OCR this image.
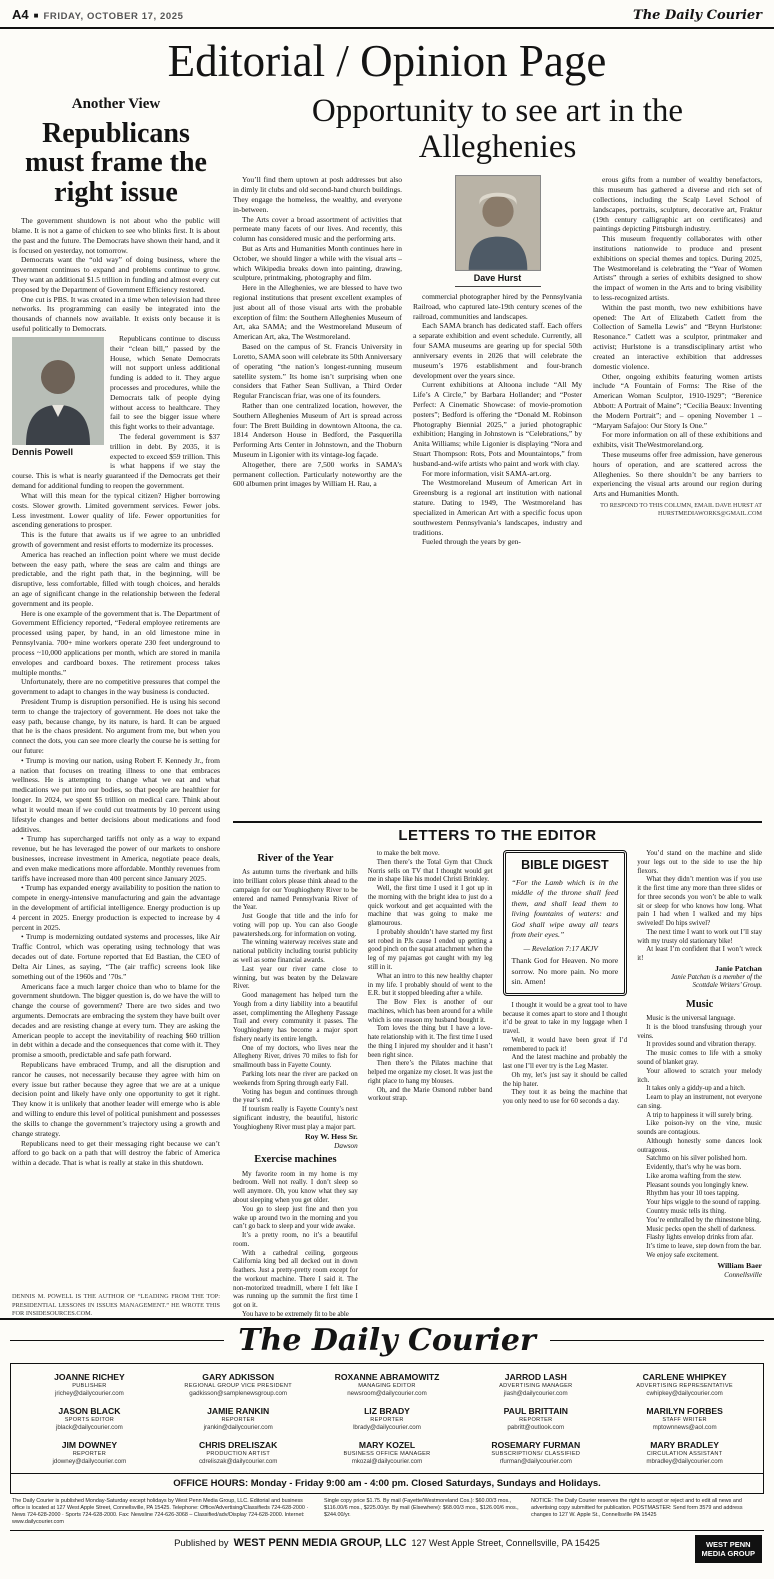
A4 ■ FRIDAY, OCTOBER 17, 2025	The Daily Courier
Editorial / Opinion Page
Another View
Republicans must frame the right issue

The government shutdown is not about who the public will blame. It is not a game of chicken to see who blinks first. It is about the past and the future. The Democrats have shown their hand, and it is focused on yesterday, not tomorrow.

Democrats want the “old way” of doing business, where the government continues to expand and problems continue to grow. They want an additional $1.5 trillion in funding and almost every cut proposed by the Department of Government Efficiency restored.

One cut is PBS. It was created in a time when television had three networks. Its programming can easily be integrated into the thousands of channels now available. It exists only because it is useful politically to Democrats.

Dennis Powell

Republicans continue to discuss their “clean bill,” passed by the House, which Senate Democrats will not support unless additional funding is added to it. They argue processes and procedures, while the Democrats talk of people dying without access to healthcare. They fail to see the bigger issue where this fight works to their advantage.

The federal government is $37 trillion in debt. By 2035, it is expected to exceed $59 trillion. This is what happens if we stay the course. This is what is nearly guaranteed if the Democrats get their demand for additional funding to reopen the government.

What will this mean for the typical citizen? Higher borrowing costs. Slower growth. Limited government services. Fewer jobs. Less investment. Lower quality of life. Fewer opportunities for ascending generations to prosper.

This is the future that awaits us if we agree to an unbridled growth of government and resist efforts to modernize its processes.

America has reached an inflection point where we must decide between the easy path, where the seas are calm and things are predictable, and the right path that, in the beginning, will be disruptive, less comfortable, filled with tough choices, and heralds an age of significant change in the relationship between the federal government and its people.

Here is one example of the government that is. The Department of Government Efficiency reported, “Federal employee retirements are processed using paper, by hand, in an old limestone mine in Pennsylvania. 700+ mine workers operate 230 feet underground to process ~10,000 applications per month, which are stored in manila envelopes and cardboard boxes. The retirement process takes multiple months.”

Unfortunately, there are no competitive pressures that compel the government to adapt to changes in the way business is conducted.

President Trump is disruption personified. He is using his second term to change the trajectory of government. He does not take the easy path, because change, by its nature, is hard. It can be argued that he is the chaos president. No argument from me, but when you connect the dots, you can see more clearly the course he is setting for our future:

• Trump is moving our nation, using Robert F. Kennedy Jr., from a nation that focuses on treating illness to one that embraces wellness. He is attempting to change what we eat and what medications we put into our bodies, so that people are healthier for longer. In 2024, we spent $5 trillion on medical care. Think about what it would mean if we could cut treatments by 10 percent using lifestyle changes and better decisions about medications and food additives.

• Trump has supercharged tariffs not only as a way to expand revenue, but he has leveraged the power of our markets to onshore businesses, increase investment in America, negotiate peace deals, and even make medications more affordable. Monthly revenues from tariffs have increased more than 400 percent since January 2025.

• Trump has expanded energy availability to position the nation to compete in energy-intensive manufacturing and gain the advantage in the development of artificial intelligence. Energy production is up 4 percent in 2025. Energy production is expected to increase by 4 percent in 2025.

• Trump is modernizing outdated systems and processes, like Air Traffic Control, which was operating using technology that was decades out of date. Fortune reported that Ed Bastian, the CEO of Delta Air Lines, as saying, “The (air traffic) screens look like something out of the 1960s and ’70s.”

Americans face a much larger choice than who to blame for the government shutdown. The bigger question is, do we have the will to change the course of government? There are two sides and two arguments. Democrats are embracing the system they have built over decades and are resisting change at every turn. They are asking the American people to accept the inevitability of reaching $60 trillion in debt within a decade and the consequences that come with it. They promise a smooth, predictable and safe path forward.

Republicans have embraced Trump, and all the disruption and rancor he causes, not necessarily because they agree with him on every issue but rather because they agree that we are at a unique decision point and likely have only one opportunity to get it right. They know it is unlikely that another leader will emerge who is able and willing to endure this level of political punishment and possesses the skills to change the government’s trajectory using a growth and change strategy.

Republicans need to get their messaging right because we can’t afford to go back on a path that will destroy the fabric of America within a decade. That is what is really at stake in this shutdown.

DENNIS M. POWELL IS THE AUTHOR OF “LEADING FROM THE TOP: PRESIDENTIAL LESSONS IN ISSUES MANAGEMENT.” HE WROTE THIS FOR INSIDESOURCES.COM.
Opportunity to see art in the Alleghenies

You’ll find them uptown at posh addresses but also in dimly lit clubs and old second-hand church buildings. They engage the homeless, the wealthy, and everyone in-between.

The Arts cover a broad assortment of activities that permeate many facets of our lives. And recently, this column has considered music and the performing arts.

But as Arts and Humanities Month continues here in October, we should linger a while with the visual arts – which Wikipedia breaks down into painting, drawing, sculpture, printmaking, photography and film.

Here in the Alleghenies, we are blessed to have two regional institutions that present excellent examples of just about all of those visual arts with the probable exception of film: the Southern Alleghenies Museum of Art, aka SAMA; and the Westmoreland Museum of American Art, aka, The Westmoreland.

Based on the campus of St. Francis University in Loretto, SAMA soon will celebrate its 50th Anniversary of operating “the nation’s longest-running museum satellite system.” Its home isn’t surprising when one considers that Father Sean Sullivan, a Third Order Regular Franciscan friar, was one of its founders.

Rather than one centralized location, however, the Southern Alleghenies Museum of Art is spread across four: The Brett Building in downtown Altoona, the ca. 1814 Anderson House in Bedford, the Pasquerilla Performing Arts Center in Johnstown, and the Thoburn Museum in Ligonier with its vintage-log façade.

Altogether, there are 7,500 works in SAMA’s permanent collection. Particularly noteworthy are the 600 albumen print images by William H. Rau, a

Dave Hurst

commercial photographer hired by the Pennsylvania Railroad, who captured late-19th century scenes of the railroad, communities and landscapes.

Each SAMA branch has dedicated staff. Each offers a separate exhibition and event schedule. Currently, all four SAMA museums are gearing up for special 50th anniversary events in 2026 that will celebrate the museum’s 1976 establishment and four-branch development over the years since.

Current exhibitions at Altoona include “All My Life’s A Circle,” by Barbara Hollander; and “Poster Perfect: A Cinematic Showcase: of movie-promotion posters”; Bedford is offering the “Donald M. Robinson Photography Biennial 2025,” a juried photographic exhibition; Hanging in Johnstown is “Celebrations,” by Anita Williams; while Ligonier is displaying “Nora and Stuart Thompson: Rots, Pots and Mountaintops,” from husband-and-wife artists who paint and work with clay.

For more information, visit SAMA-art.org.

The Westmoreland Museum of American Art in Greensburg is a regional art institution with national stature. Dating to 1949, The Westmoreland has specialized in American Art with a specific focus upon southwestern Pennsylvania’s landscapes, industry and traditions.

Fueled through the years by gen-

erous gifts from a number of wealthy benefactors, this museum has gathered a diverse and rich set of collections, including the Scalp Level School of landscapes, portraits, sculpture, decorative art, Fraktur (19th century calligraphic art on certificates) and paintings depicting Pittsburgh industry.

This museum frequently collaborates with other institutions nationwide to produce and present exhibitions on special themes and topics. During 2025, The Westmoreland is celebrating the “Year of Women Artists” through a series of exhibits designed to show the impact of women in the Arts and to bring visibility to less-recognized artists.

Within the past month, two new exhibitions have opened: The Art of Elizabeth Catlett from the Collection of Samella Lewis” and “Brynn Hurlstone: Resonance.” Catlett was a sculptor, printmaker and activist; Hurlstone is a transdisciplinary artist who created an interactive exhibition that addresses domestic violence.

Other, ongoing exhibits featuring women artists include “A Fountain of Forms: The Rise of the American Woman Sculptor, 1910-1929”; “Berenice Abbott: A Portrait of Maine”; “Cecilia Beaux: Inventing the Modern Portrait”; and – opening November 1 – “Maryam Safajoo: Our Story Is One.”

For more information on all of these exhibitions and exhibits, visit TheWestmoreland.org.

These museums offer free admission, have generous hours of operation, and are scattered across the Alleghenies. So there shouldn’t be any barriers to experiencing the visual arts around our region during Arts and Humanities Month.

TO RESPOND TO THIS COLUMN, EMAIL DAVE HURST AT HURSTMEDIAWORKS@GMAIL.COM
LETTERS TO THE EDITOR
River of the Year

As autumn turns the riverbank and hills into brilliant colors please think ahead to the campaign for our Youghiogheny River to be entered and named Pennsylvania River of the Year.

Just Google that title and the info for voting will pop up. You can also Google pawatersheds.org. for information on voting.

The winning waterway receives state and national publicity including tourist publicity as well as some financial awards.

Last year our river came close to winning, but was beaten by the Delaware River.

Good management has helped turn the Yough from a dirty liability into a beautiful asset, complimenting the Allegheny Passage Trail and every community it passes. The Youghiogheny has become a major sport fishery nearly its entire length.

One of my doctors, who lives near the Allegheny River, drives 70 miles to fish for smallmouth bass in Fayette County.

Parking lots near the river are packed on weekends from Spring through early Fall.

Voting has begun and continues through the year’s end.

If tourism really is Fayette County’s next significant industry, the beautiful, historic Youghiogheny River must play a major part.

Roy W. Hess Sr.

Dawson

Exercise machines

My favorite room in my home is my bedroom. Well not really. I don’t sleep so well anymore. Oh, you know what they say about sleeping when you get older.

You go to sleep just fine and then you wake up around two in the morning and you can’t go back to sleep and your wide awake.

It’s a pretty room, no it’s a beautiful room.

With a cathedral ceiling, gorgeous California king bed all decked out in down feathers. Just a pretty-pretty room except for the workout machine. There I said it. The non-motorized treadmill, where I felt like I was running up the summit the first time I got on it.

You have to be extremely fit to be able

to make the belt move.

Then there’s the Total Gym that Chuck Norris sells on TV that I thought would get me in shape like his model Christi Brinkley.

Well, the first time I used it I got up in the morning with the bright idea to just do a quick workout and get acquainted with the machine that was going to make me glamourous.

I probably shouldn’t have started my first set robed in PJs cause I ended up getting a good pinch on the squat attachment when the leg of my pajamas got caught with my leg still in it.

What an intro to this new healthy chapter in my life. I probably should of went to the E.R. but it stopped bleeding after a while.

The Bow Flex is another of our machines, which has been around for a while which is one reason my husband bought it.

Tom loves the thing but I have a love-hate relationship with it. The first time I used the thing I injured my shoulder and it hasn’t been right since.

Then there’s the Pilates machine that helped me organize my closet. It was just the right place to hang my blouses.

Oh, and the Marie Osmond rubber band workout strap.

BIBLE DIGEST
“For the Lamb which is in the middle of the throne shall feed them, and shall lead them to living fountains of waters: and God shall wipe away all tears from their eyes.”
— Revelation 7:17 AKJV
Thank God for Heaven. No more sorrow. No more pain. No more sin. Amen!

I thought it would be a great tool to have because it comes apart to store and I thought it’d be great to take in my luggage when I travel.

Well, it would have been great if I’d remembered to pack it!

And the latest machine and probably the last one I’ll ever try is the Leg Master.

Oh my, let’s just say it should be called the hip hater.

They tout it as being the machine that you only need to use for 60 seconds a day.

You’d stand on the machine and slide your legs out to the side to use the hip flexors.

What they didn’t mention was if you use it the first time any more than three slides or for three seconds you won’t be able to walk sit or sleep for who knows how long. What pain I had when I walked and my hips swiveled! Do hips swivel?

The next time I want to work out I’ll stay with my trusty old stationary bike!

At least I’m confident that I won’t wreck it!

Janie Patchan

Janie Patchan is a member of the Scottdale Writers’ Group.

Music

Music is the universal language.

It is the blood transfusing through your veins.

It provides sound and vibration therapy.

The music comes to life with a smoky sound of blanket gray.

Your allowed to scratch your melody itch.

It takes only a giddy-up and a hitch.

Learn to play an instrument, not everyone can sing.

A trip to happiness it will surely bring.

Like poison-ivy on the vine, music sounds are contagious.

Although honestly some dances look outrageous.

Satchmo on his silver polished horn.

Evidently, that’s why he was born.

Like aroma wafting from the stew.

Pleasant sounds you longingly knew.

Rhythm has your 10 toes tapping.

Your hips wiggle to the sound of rapping.

Country music tells its thing.

You’re enthralled by the rhinestone bling.

Music pecks open the shell of darkness.

Flashy lights envelop drinks from afar.

It’s time to leave, step down from the bar.

We enjoy safe excitement.

William Baer

Connellsville

The Daily Courier
JOANNE RICHEY
PUBLISHER
jrichey@dailycourier.com
GARY ADKISSON
REGIONAL GROUP VICE PRESIDENT
gadkisson@samplenewsgroup.com
ROXANNE ABRAMOWITZ
MANAGING EDITOR
newsroom@dailycourier.com
JARROD LASH
ADVERTISING MANAGER
jlash@dailycourier.com
CARLENE WHIPKEY
ADVERTISING REPRESENTATIVE
cwhipkey@dailycourier.com
JASON BLACK
SPORTS EDITOR
jblack@dailycourier.com
JAMIE RANKIN
REPORTER
jrankin@dailycourier.com
LIZ BRADY
REPORTER
lbrady@dailycourier.com
PAUL BRITTAIN
REPORTER
pabritt@outlook.com
MARILYN FORBES
STAFF WRITER
mptownnews@aol.com
JIM DOWNEY
REPORTER
jdowney@dailycourier.com
CHRIS DRELISZAK
PRODUCTION ARTIST
cdreliszak@dailycourier.com
MARY KOZEL
BUSINESS OFFICE MANAGER
mkozal@dailycourier.com
ROSEMARY FURMAN
SUBSCRIPTIONS/ CLASSIFIED
rfurman@dailycourier.com
MARY BRADLEY
CIRCULATION ASSISTANT
mbradley@dailycourier.com
OFFICE HOURS: Monday - Friday 9:00 am - 4:00 pm. Closed Saturdays, Sundays and Holidays.
The Daily Courier is published Monday-Saturday except holidays by West Penn Media Group, LLC. Editorial and business office is located at 127 West Apple Street, Connellsville, PA 15425. Telephone: Office/Advertising/Classifieds 724-628-2000 · News 724-628-2000 · Sports 724-628-2000. Fax: Newsline 724-626-3068 – Classified/adv/Display 724-628-2000. Internet: www.dailycourier.com
Single copy price $1.75. By mail (Fayette/Westmoreland Cos.): $60.00/3 mos., $116.00/6 mos., $225.00/yr. By mail (Elsewhere): $68.00/3 mos., $126.00/6 mos., $244.00/yr.
NOTICE: The Daily Courier reserves the right to accept or reject and to edit all news and advertising copy submitted for publication. POSTMASTER: Send form 3579 and address changes to 127 W. Apple St., Connellsville PA 15425
Published by WEST PENN MEDIA GROUP, LLC 127 West Apple Street, Connellsville, PA 15425	WEST PENN
MEDIA GROUP
